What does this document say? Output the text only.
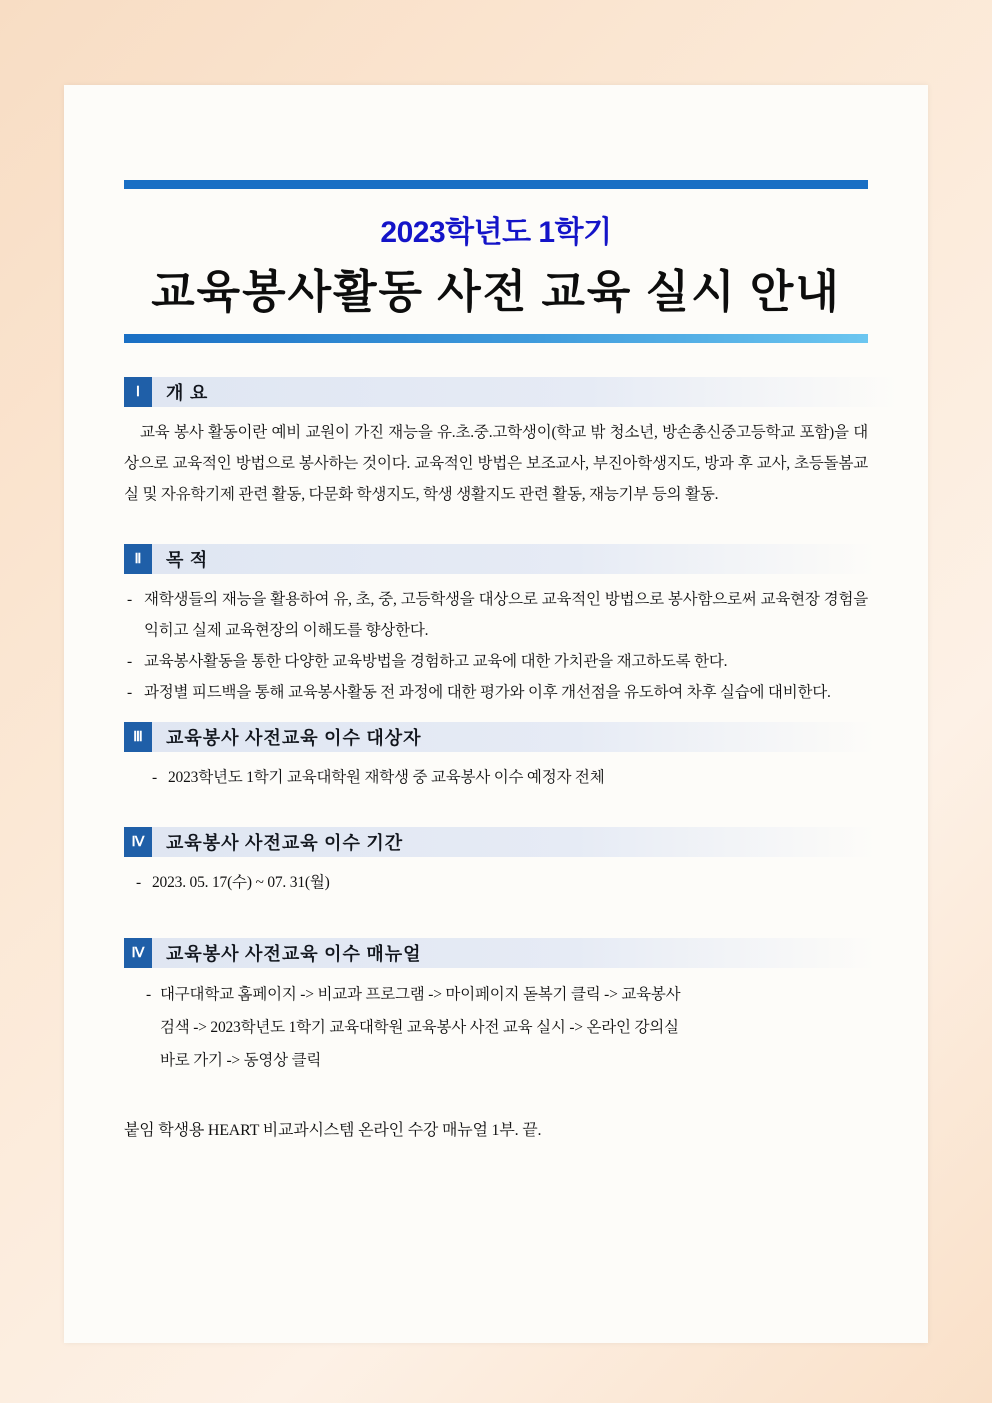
2023학년도 1학기
교육봉사활동 사전 교육 실시 안내
Ⅰ	개 요
교육 봉사 활동이란 예비 교원이 가진 재능을 유.초.중.고학생이(학교 밖 청소년, 방손총신중고등학교 포함)을 대상으로 교육적인 방법으로 봉사하는 것이다. 교육적인 방법은 보조교사, 부진아학생지도, 방과 후 교사, 초등돌봄교실 및 자유학기제 관련 활동, 다문화 학생지도, 학생 생활지도 관련 활동, 재능기부 등의 활동.
Ⅱ	목 적
- 재학생들의 재능을 활용하여 유, 초, 중, 고등학생을 대상으로 교육적인 방법으로 봉사함으로써 교육현장 경험을 익히고 실제 교육현장의 이해도를 향상한다.
- 교육봉사활동을 통한 다양한 교육방법을 경험하고 교육에 대한 가치관을 재고하도록 한다.
- 과정별 피드백을 통해 교육봉사활동 전 과정에 대한 평가와 이후 개선점을 유도하여 차후 실습에 대비한다.
Ⅲ	교육봉사 사전교육 이수 대상자
- 2023학년도 1학기 교육대학원 재학생 중 교육봉사 이수 예정자 전체
Ⅳ	교육봉사 사전교육 이수 기간
- 2023. 05. 17(수) ~ 07. 31(월)
Ⅳ	교육봉사 사전교육 이수 매뉴얼
- 대구대학교 홈페이지 -> 비교과 프로그램 -> 마이페이지 돋복기 클릭 -> 교육봉사
검색 -> 2023학년도 1학기 교육대학원 교육봉사 사전 교육 실시 -> 온라인 강의실
바로 가기 -> 동영상 클릭
붙임 학생용 HEART 비교과시스템 온라인 수강 매뉴얼 1부. 끝.
